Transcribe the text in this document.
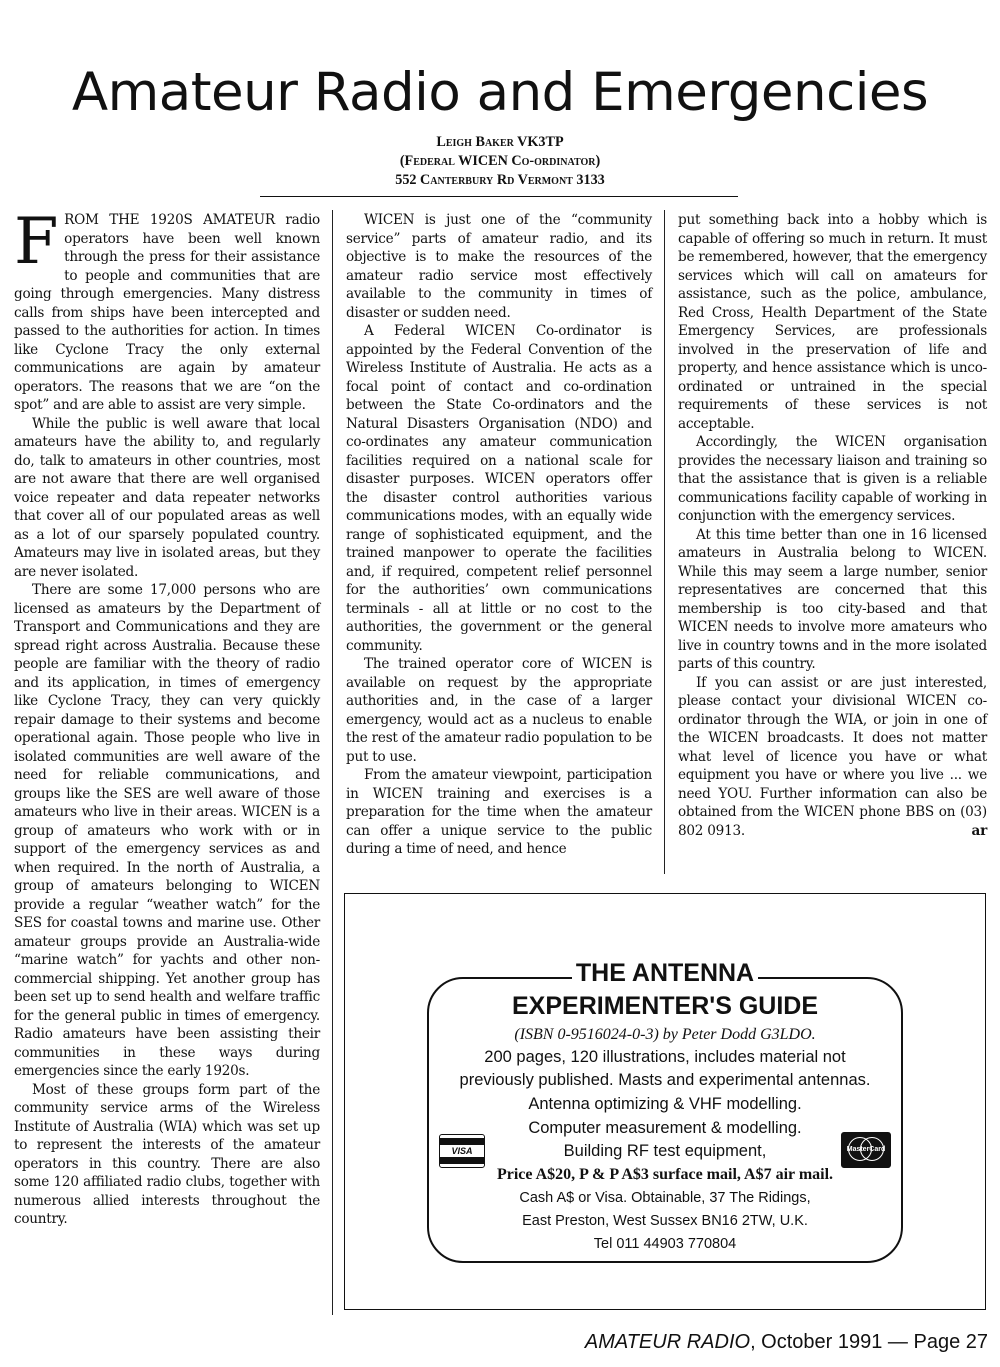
Amateur Radio and Emergencies
Leigh Baker VK3TP
(Federal WICEN Co-ordinator)
552 Canterbury Rd Vermont 3133

FROM THE 1920S AMATEUR radio operators have been well known through the press for their assistance to people and communities that are going through emergencies. Many distress calls from ships have been intercepted and passed to the authorities for action. In times like Cyclone Tracy the only external communications are again by amateur operators. The reasons that we are “on the spot” and are able to assist are very simple.

While the public is well aware that local amateurs have the ability to, and regularly do, talk to amateurs in other countries, most are not aware that there are well organised voice repeater and data repeater networks that cover all of our populated areas as well as a lot of our sparsely populated country. Amateurs may live in isolated areas, but they are never isolated.

There are some 17,000 persons who are licensed as amateurs by the Department of Transport and Communications and they are spread right across Australia. Because these people are familiar with the theory of radio and its application, in times of emergency like Cyclone Tracy, they can very quickly repair damage to their systems and become operational again. Those people who live in isolated communities are well aware of the need for reliable communications, and groups like the SES are well aware of those amateurs who live in their areas. WICEN is a group of amateurs who work with or in support of the emergency services as and when required. In the north of Australia, a group of amateurs belonging to WICEN provide a regular “weather watch” for the SES for coastal towns and marine use. Other amateur groups provide an Australia-wide “marine watch” for yachts and other non-commercial shipping. Yet another group has been set up to send health and welfare traffic for the general public in times of emergency. Radio amateurs have been assisting their communities in these ways during emergencies since the early 1920s.

Most of these groups form part of the community service arms of the Wireless Institute of Australia (WIA) which was set up to represent the interests of the amateur operators in this country. There are also some 120 affiliated radio clubs, together with numerous allied interests throughout the country.

WICEN is just one of the “community service” parts of amateur radio, and its objective is to make the resources of the amateur radio service most effectively available to the community in times of disaster or sudden need.

A Federal WICEN Co-ordinator is appointed by the Federal Convention of the Wireless Institute of Australia. He acts as a focal point of contact and co-ordination between the State Co-ordinators and the Natural Disasters Organisation (NDO) and co-ordinates any amateur communication facilities required on a national scale for disaster purposes. WICEN operators offer the disaster control authorities various communications modes, with an equally wide range of sophisticated equipment, and the trained manpower to operate the facilities and, if required, competent relief personnel for the authorities’ own communications terminals - all at little or no cost to the authorities, the government or the general community.

The trained operator core of WICEN is available on request by the appropriate authorities and, in the case of a larger emergency, would act as a nucleus to enable the rest of the amateur radio population to be put to use.

From the amateur viewpoint, participation in WICEN training and exercises is a preparation for the time when the amateur can offer a unique service to the public during a time of need, and hence

put something back into a hobby which is capable of offering so much in return. It must be remembered, however, that the emergency services which will call on amateurs for assistance, such as the police, ambulance, Red Cross, Health Department of the State Emergency Services, are professionals involved in the preservation of life and property, and hence assistance which is unco-ordinated or untrained in the special requirements of these services is not acceptable.

Accordingly, the WICEN organisation provides the necessary liaison and training so that the assistance that is given is a reliable communications facility capable of working in conjunction with the emergency services.

At this time better than one in 16 licensed amateurs in Australia belong to WICEN. While this may seem a large number, senior representatives are concerned that this membership is too city-based and that WICEN needs to involve more amateurs who live in country towns and in the more isolated parts of this country.

If you can assist or are just interested, please contact your divisional WICEN co-ordinator through the WIA, or join in one of the WICEN broadcasts. It does not matter what level of licence you have or what equipment you have or where you live ... we need YOU. Further information can also be obtained from the WICEN phone BBS on (03) 802 0913.	ar

THE ANTENNA
EXPERIMENTER'S GUIDE
(ISBN 0-9516024-0-3) by Peter Dodd G3LDO.
200 pages, 120 illustrations, includes material not
previously published. Masts and experimental antennas.
Antenna optimizing & VHF modelling.
Computer measurement & modelling.
Building RF test equipment,
Price A$20, P & P A$3 surface mail, A$7 air mail.
Cash A$ or Visa. Obtainable, 37 The Ridings,
East Preston, West Sussex BN16 2TW, U.K.
Tel 011 44903 770804
VISA	MasterCard
AMATEUR RADIO, October 1991 — Page 27
